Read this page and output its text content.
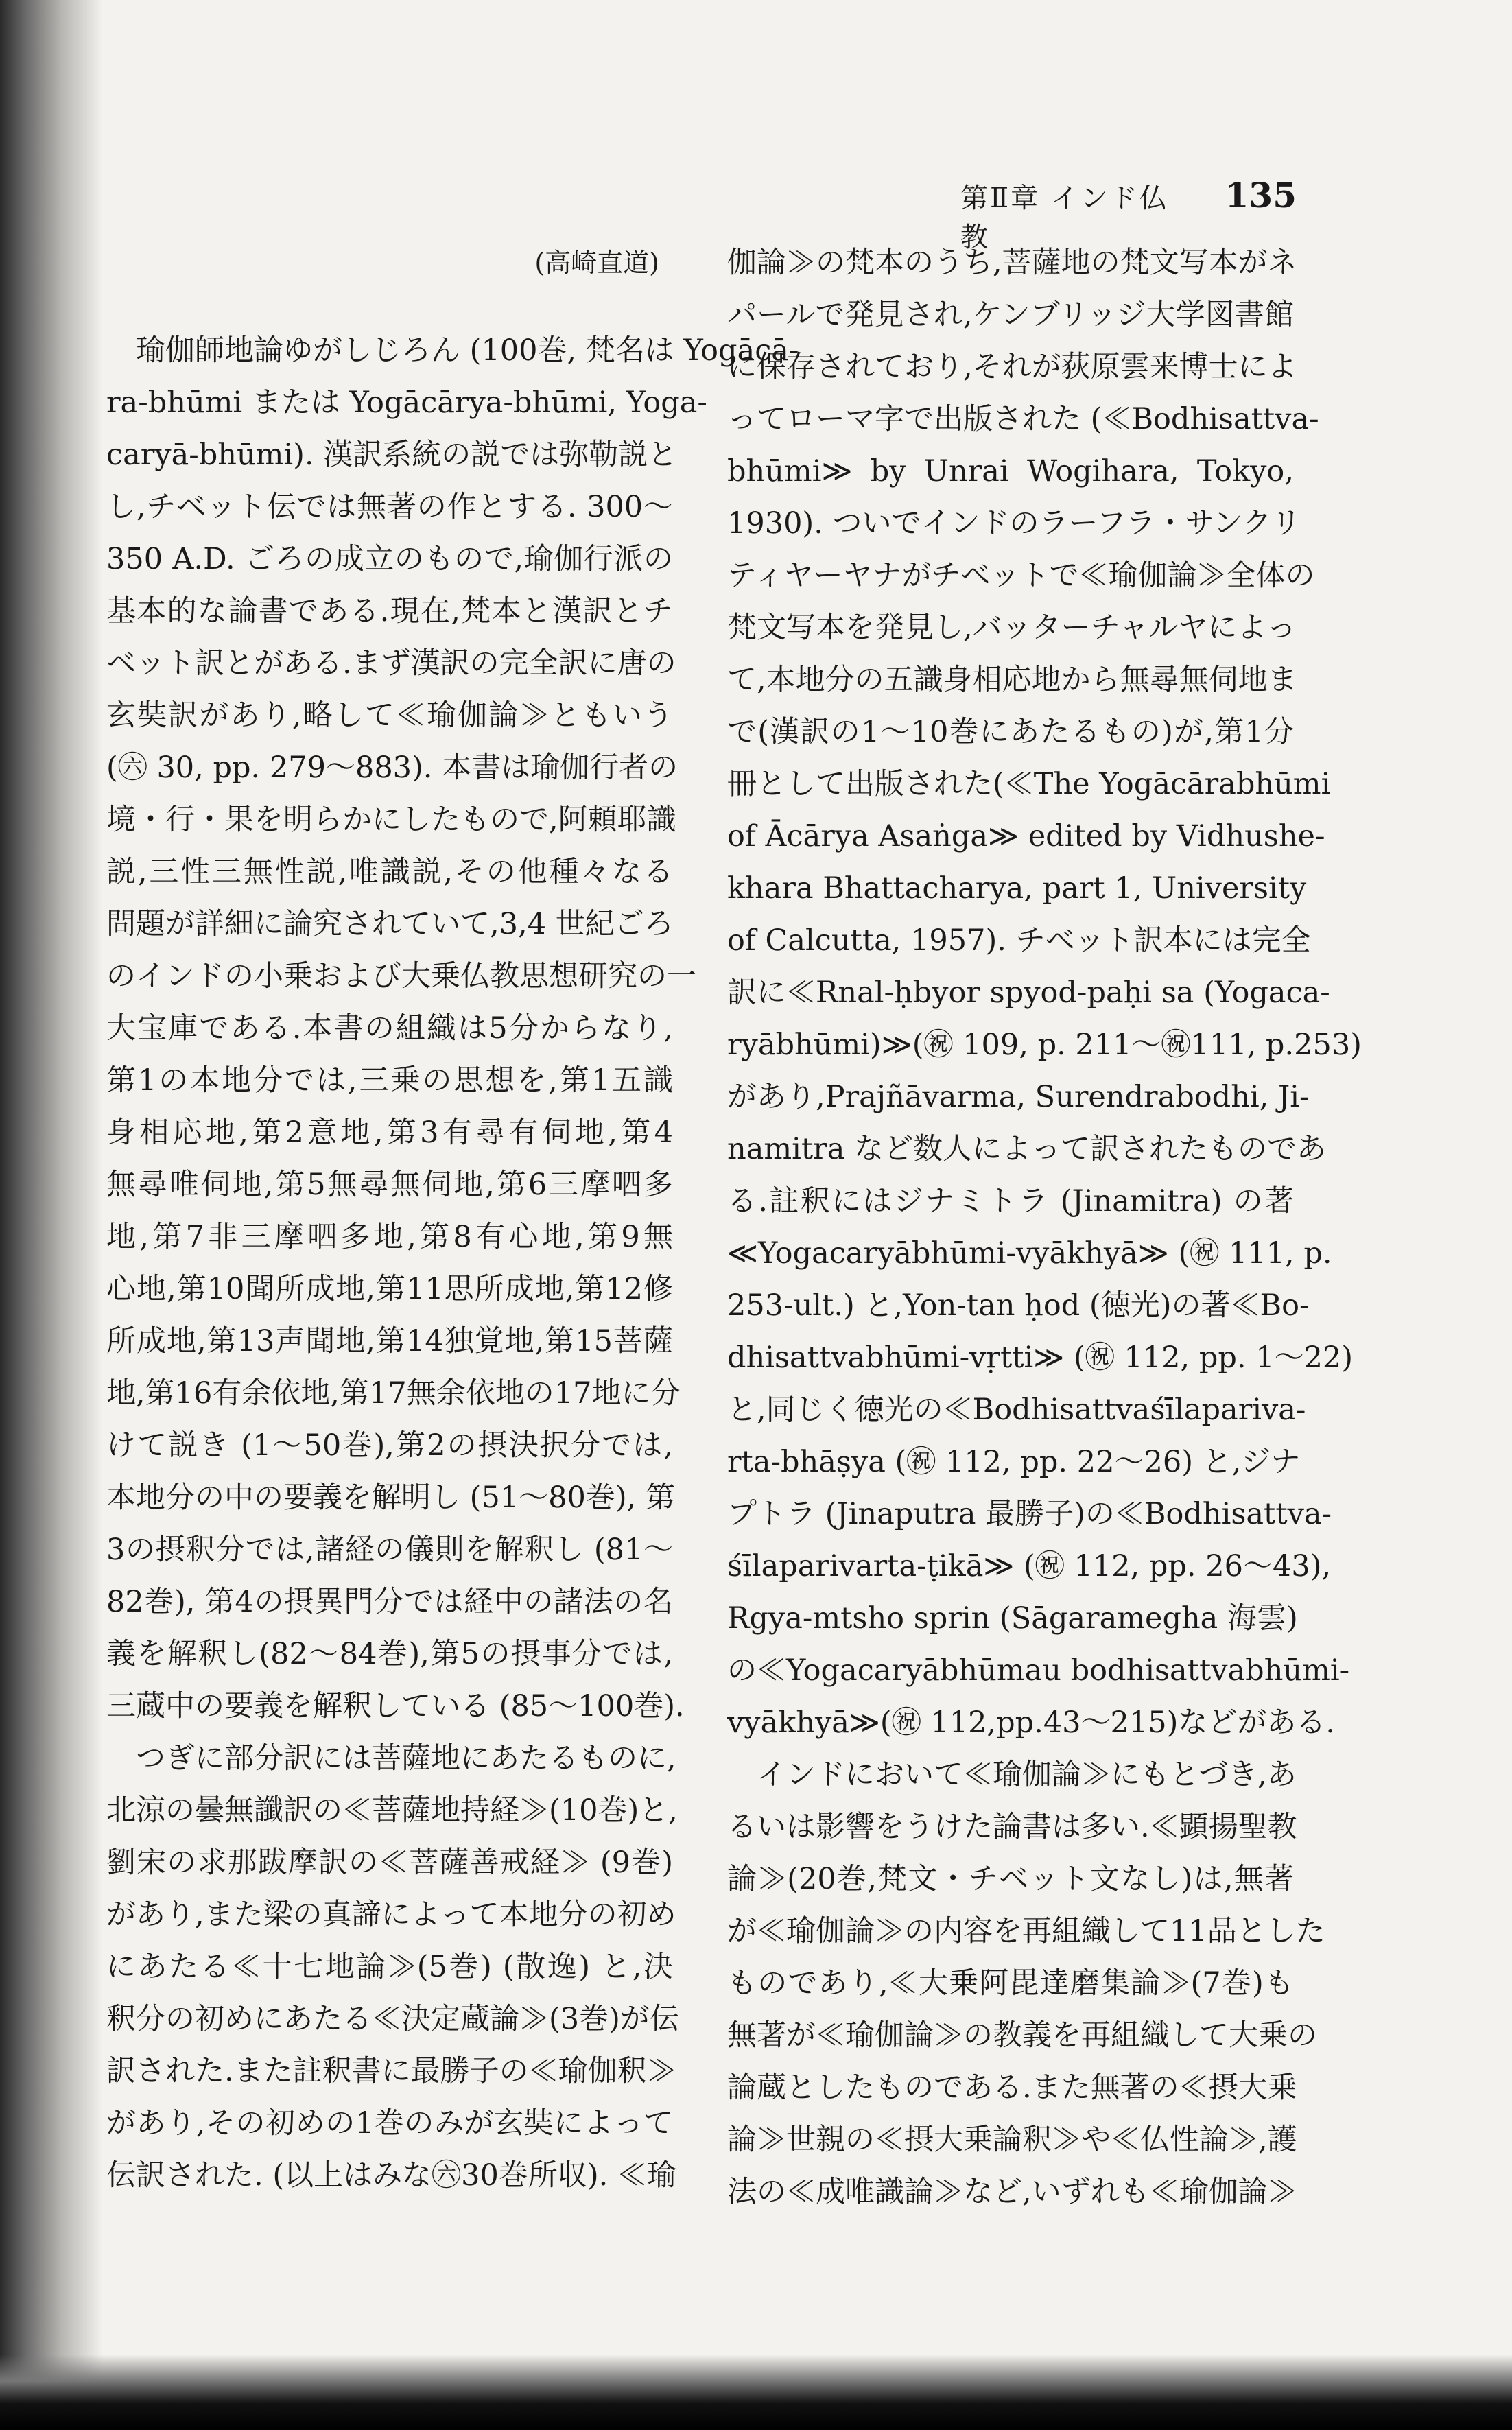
第Ⅱ章 インド仏教
135
(高崎直道)
瑜伽師地論ゆがしじろん (100巻, 梵名は Yogācā-
ra-bhūmi または Yogācārya-bhūmi, Yoga-
caryā-bhūmi). 漢訳系統の説では弥勒説と
し,チベット伝では無著の作とする. 300〜
350 A.D. ごろの成立のもので,瑜伽行派の
基本的な論書である.現在,梵本と漢訳とチ
ベット訳とがある.まず漢訳の完全訳に唐の
玄奘訳があり,略して≪瑜伽論≫ともいう
(㊅ 30, pp. 279〜883). 本書は瑜伽行者の
境・行・果を明らかにしたもので,阿頼耶識
説,三性三無性説,唯識説,その他種々なる
問題が詳細に論究されていて,3,4 世紀ごろ
のインドの小乗および大乗仏教思想研究の一
大宝庫である.本書の組織は5分からなり,
第1の本地分では,三乗の思想を,第1五識
身相応地,第2意地,第3有尋有伺地,第4
無尋唯伺地,第5無尋無伺地,第6三摩呬多
地,第7非三摩呬多地,第8有心地,第9無
心地,第10聞所成地,第11思所成地,第12修
所成地,第13声聞地,第14独覚地,第15菩薩
地,第16有余依地,第17無余依地の17地に分
けて説き (1〜50巻),第2の摂決択分では,
本地分の中の要義を解明し (51〜80巻), 第
3の摂釈分では,諸経の儀則を解釈し (81〜
82巻), 第4の摂異門分では経中の諸法の名
義を解釈し(82〜84巻),第5の摂事分では,
三蔵中の要義を解釈している (85〜100巻).
つぎに部分訳には菩薩地にあたるものに,
北涼の曇無讖訳の≪菩薩地持経≫(10巻)と,
劉宋の求那跋摩訳の≪菩薩善戒経≫ (9巻)
があり,また梁の真諦によって本地分の初め
にあたる≪十七地論≫(5巻) (散逸) と,決
釈分の初めにあたる≪決定蔵論≫(3巻)が伝
訳された.また註釈書に最勝子の≪瑜伽釈≫
があり,その初めの1巻のみが玄奘によって
伝訳された. (以上はみな㊅30巻所収). ≪瑜
伽論≫の梵本のうち,菩薩地の梵文写本がネ
パールで発見され,ケンブリッジ大学図書館
に保存されており,それが荻原雲来博士によ
ってローマ字で出版された (≪Bodhisattva-
bhūmi≫ by Unrai Wogihara, Tokyo,
1930). ついでインドのラーフラ・サンクリ
ティヤーヤナがチベットで≪瑜伽論≫全体の
梵文写本を発見し,バッターチャルヤによっ
て,本地分の五識身相応地から無尋無伺地ま
で(漢訳の1〜10巻にあたるもの)が,第1分
冊として出版された(≪The Yogācārabhūmi
of Ācārya Asaṅga≫ edited by Vidhushe-
khara Bhattacharya, part 1, University
of Calcutta, 1957). チベット訳本には完全
訳に≪Rnal-ḥbyor spyod-paḥi sa (Yogaca-
ryābhūmi)≫(㊗ 109, p. 211〜㊗111, p.253)
があり,Prajñāvarma, Surendrabodhi, Ji-
namitra など数人によって訳されたものであ
る.註釈にはジナミトラ (Jinamitra) の著
≪Yogacaryābhūmi-vyākhyā≫ (㊗ 111, p.
253-ult.) と,Yon-tan ḥod (徳光)の著≪Bo-
dhisattvabhūmi-vṛtti≫ (㊗ 112, pp. 1〜22)
と,同じく徳光の≪Bodhisattvaśīlapariva-
rta-bhāṣya (㊗ 112, pp. 22〜26) と,ジナ
プトラ (Jinaputra 最勝子)の≪Bodhisattva-
śīlaparivarta-ṭikā≫ (㊗ 112, pp. 26〜43),
Rgya-mtsho sprin (Sāgaramegha 海雲)
の≪Yogacaryābhūmau bodhisattvabhūmi-
vyākhyā≫(㊗ 112,pp.43〜215)などがある.
インドにおいて≪瑜伽論≫にもとづき,あ
るいは影響をうけた論書は多い.≪顕揚聖教
論≫(20巻,梵文・チベット文なし)は,無著
が≪瑜伽論≫の内容を再組織して11品とした
ものであり,≪大乗阿毘達磨集論≫(7巻)も
無著が≪瑜伽論≫の教義を再組織して大乗の
論蔵としたものである.また無著の≪摂大乗
論≫世親の≪摂大乗論釈≫や≪仏性論≫,護
法の≪成唯識論≫など,いずれも≪瑜伽論≫
